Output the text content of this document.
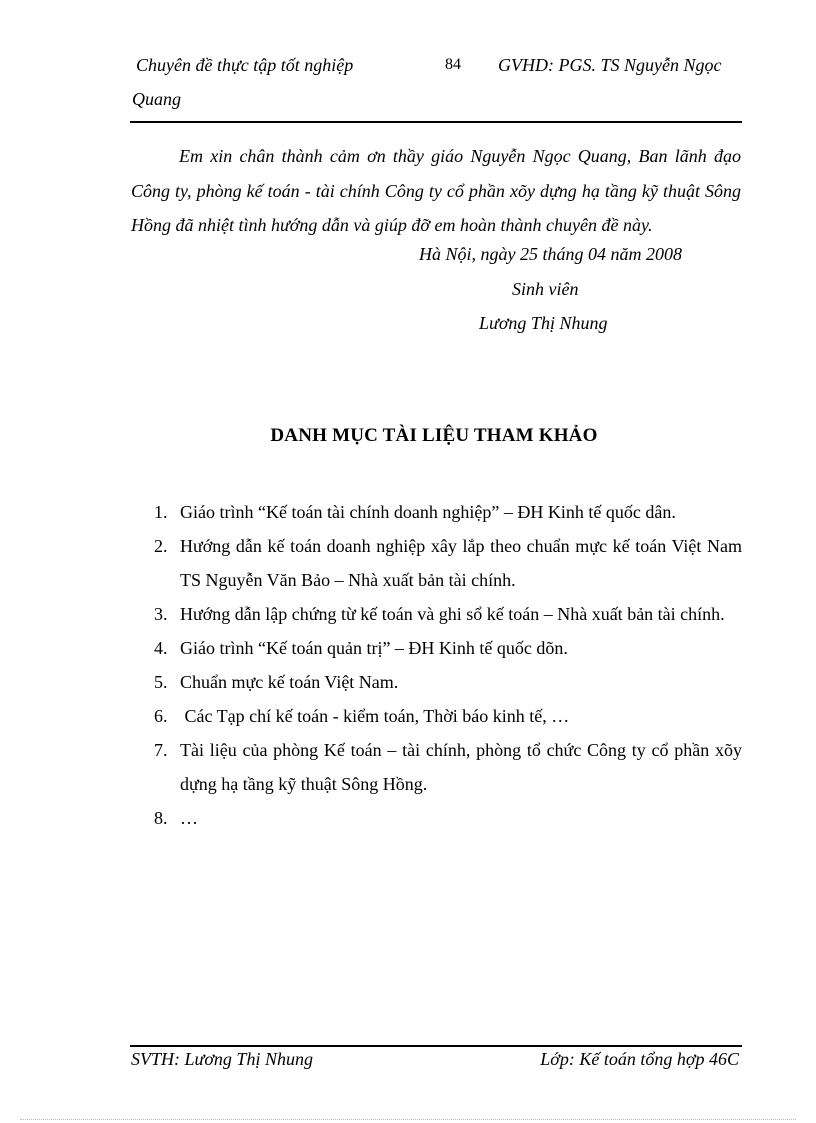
Chuyên đề thực tập tốt nghiệp	84 GVHD: PGS. TS Nguyễn Ngọc
Quang

Em xin chân thành cảm ơn thầy giáo Nguyễn Ngọc Quang, Ban lãnh đạo Công ty, phòng kế toán - tài chính Công ty cổ phần xõy dựng hạ tầng kỹ thuật Sông Hồng đã nhiệt tình hướng dẫn và giúp đỡ em hoàn thành chuyên đề này.

Hà Nội, ngày 25 tháng 04 năm 2008
Sinh viên
Lương Thị Nhung
DANH MỤC TÀI LIỆU THAM KHẢO
1. Giáo trình “Kế toán tài chính doanh nghiệp” – ĐH Kinh tế quốc dân.
2. Hướng dẫn kế toán doanh nghiệp xây lắp theo chuẩn mực kế toán Việt Nam TS Nguyễn Văn Bảo – Nhà xuất bản tài chính.
3. Hướng dẫn lập chứng từ kế toán và ghi sổ kế toán – Nhà xuất bản tài chính.
4. Giáo trình “Kế toán quản trị” – ĐH Kinh tế quốc dõn.
5. Chuẩn mực kế toán Việt Nam.
6. Các Tạp chí kế toán - kiểm toán, Thời báo kinh tế, …
7. Tài liệu của phòng Kế toán – tài chính, phòng tổ chức Công ty cổ phần xõy dựng hạ tầng kỹ thuật Sông Hồng.
8. …
SVTH: Lương Thị Nhung	Lớp: Kế toán tổng hợp 46C
